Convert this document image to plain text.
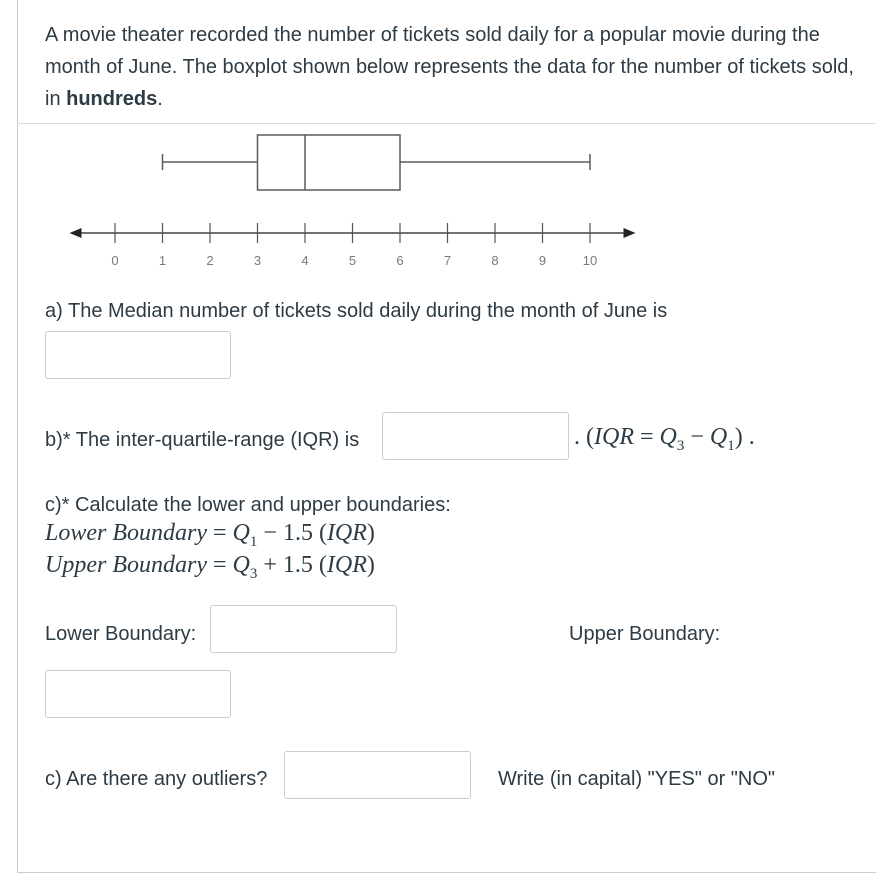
A movie theater recorded the number of tickets sold daily for a popular movie during the month of June. The boxplot shown below represents the data for the number of tickets sold, in hundreds.

0	1	2	3	4	5	6	7	8	9	10
a) The Median number of tickets sold daily during the month of June is
b)* The inter-quartile-range (IQR) is	. $(IQR = Q_3 - Q_1)$ .
c)* Calculate the lower and upper boundaries:
Lower Boundary = $Q_1 - 1.5$ (IQR)
Upper Boundary = $Q_3 + 1.5$ (IQR)
Lower Boundary:	Upper Boundary:
c) Are there any outliers?	Write (in capital) "YES" or "NO"
